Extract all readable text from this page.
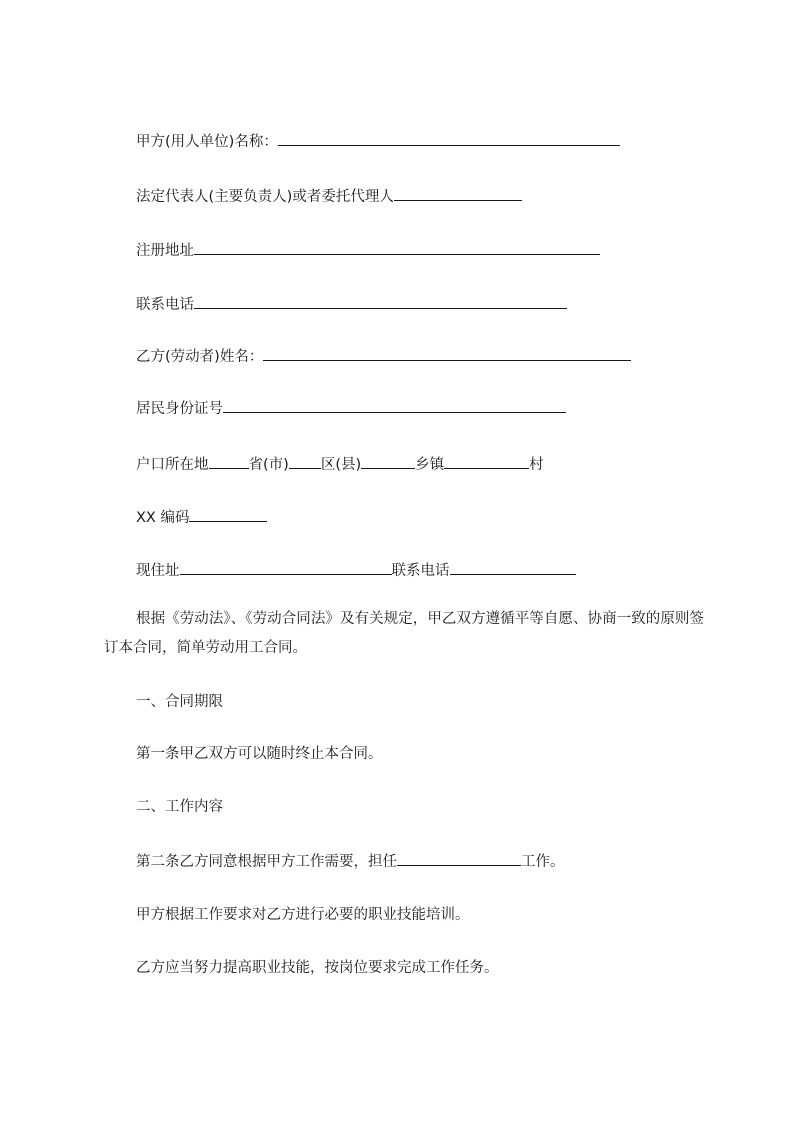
甲方(用人单位)名称：
法定代表人(主要负责人)或者委托代理人
注册地址
联系电话
乙方(劳动者)姓名：
居民身份证号
户口所在地	省(市) 区(县)	乡镇	村
XX 编码
现住址	联系电话
根据《劳动法》、《劳动合同法》及有关规定，甲乙双方遵循平等自愿、协商一致的原则签订本合同，简单劳动用工合同。
一、合同期限
第一条甲乙双方可以随时终止本合同。
二、工作内容
第二条乙方同意根据甲方工作需要，担任	工作。
甲方根据工作要求对乙方进行必要的职业技能培训。
乙方应当努力提高职业技能，按岗位要求完成工作任务。
